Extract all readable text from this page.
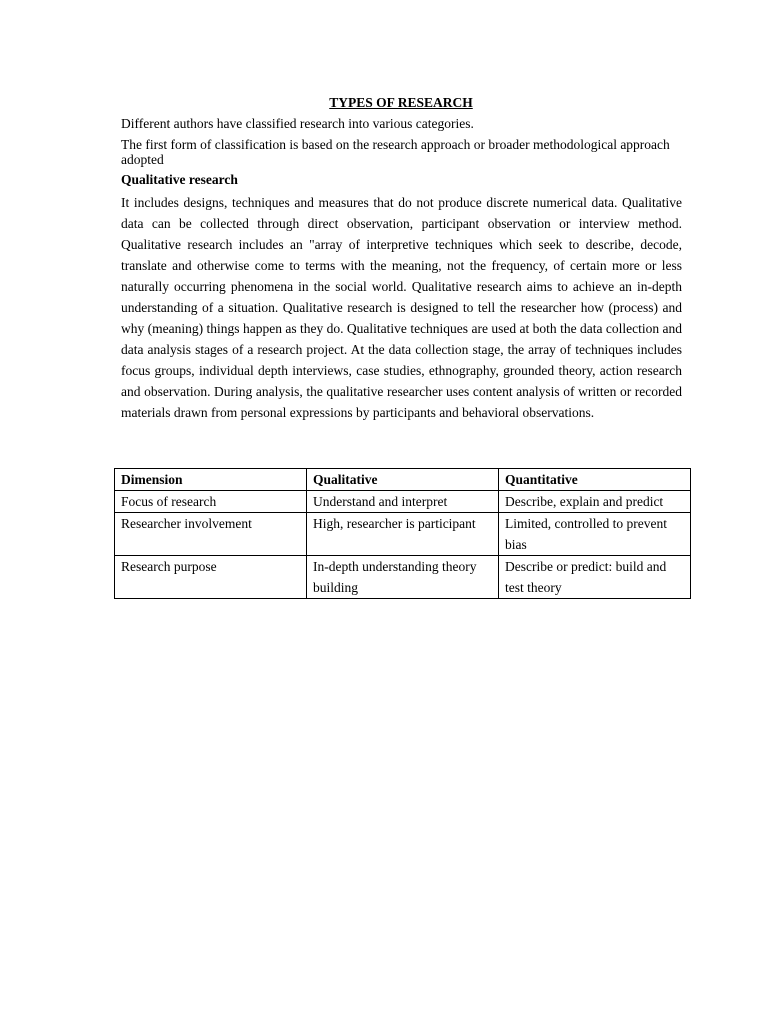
TYPES OF RESEARCH
Different authors have classified research into various categories.
The first form of classification is based on the research approach or broader methodological approach adopted
Qualitative research
It includes designs, techniques and measures that do not produce discrete numerical data. Qualitative data can be collected through direct observation, participant observation or interview method. Qualitative research includes an "array of interpretive techniques which seek to describe, decode, translate and otherwise come to terms with the meaning, not the frequency, of certain more or less naturally occurring phenomena in the social world. Qualitative research aims to achieve an in-depth understanding of a situation. Qualitative research is designed to tell the researcher how (process) and why (meaning) things happen as they do. Qualitative techniques are used at both the data collection and data analysis stages of a research project. At the data collection stage, the array of techniques includes focus groups, individual depth interviews, case studies, ethnography, grounded theory, action research and observation. During analysis, the qualitative researcher uses content analysis of written or recorded materials drawn from personal expressions by participants and behavioral observations.
Dimension	Qualitative	Quantitative
Focus of research	Understand and interpret	Describe, explain and predict
Researcher involvement	High, researcher is participant	Limited, controlled to prevent bias
Research purpose	In-depth understanding theory building	Describe or predict: build and test theory
